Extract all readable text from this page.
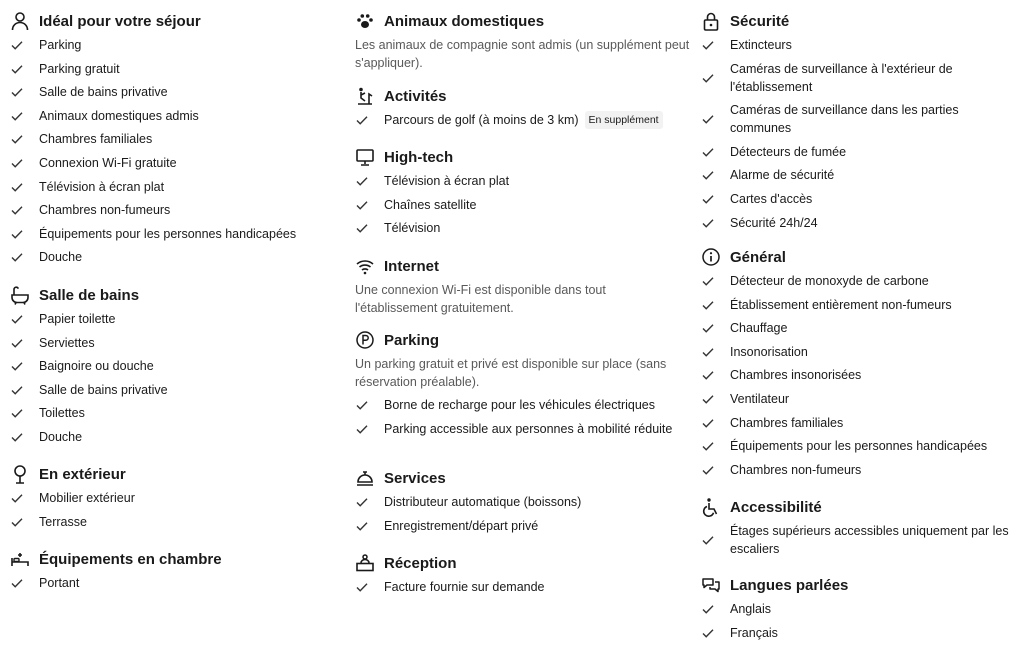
Idéal pour votre séjour
Parking
Parking gratuit
Salle de bains privative
Animaux domestiques admis
Chambres familiales
Connexion Wi-Fi gratuite
Télévision à écran plat
Chambres non-fumeurs
Équipements pour les personnes handicapées
Douche
Salle de bains
Papier toilette
Serviettes
Baignoire ou douche
Salle de bains privative
Toilettes
Douche
En extérieur
Mobilier extérieur
Terrasse
Équipements en chambre
Portant
Animaux domestiques

Les animaux de compagnie sont admis (un supplément peut s'appliquer).

Activités
Parcours de golf (à moins de 3 km) En supplément
High-tech
Télévision à écran plat
Chaînes satellite
Télévision
Internet

Une connexion Wi-Fi est disponible dans tout l'établissement gratuitement.

Parking

Un parking gratuit et privé est disponible sur place (sans réservation préalable).

Borne de recharge pour les véhicules électriques
Parking accessible aux personnes à mobilité réduite
Services
Distributeur automatique (boissons)
Enregistrement/départ privé
Réception
Facture fournie sur demande
Sécurité
Extincteurs
Caméras de surveillance à l'extérieur de l'établissement
Caméras de surveillance dans les parties communes
Détecteurs de fumée
Alarme de sécurité
Cartes d'accès
Sécurité 24h/24
Général
Détecteur de monoxyde de carbone
Établissement entièrement non-fumeurs
Chauffage
Insonorisation
Chambres insonorisées
Ventilateur
Chambres familiales
Équipements pour les personnes handicapées
Chambres non-fumeurs
Accessibilité
Étages supérieurs accessibles uniquement par les escaliers
Langues parlées
Anglais
Français
